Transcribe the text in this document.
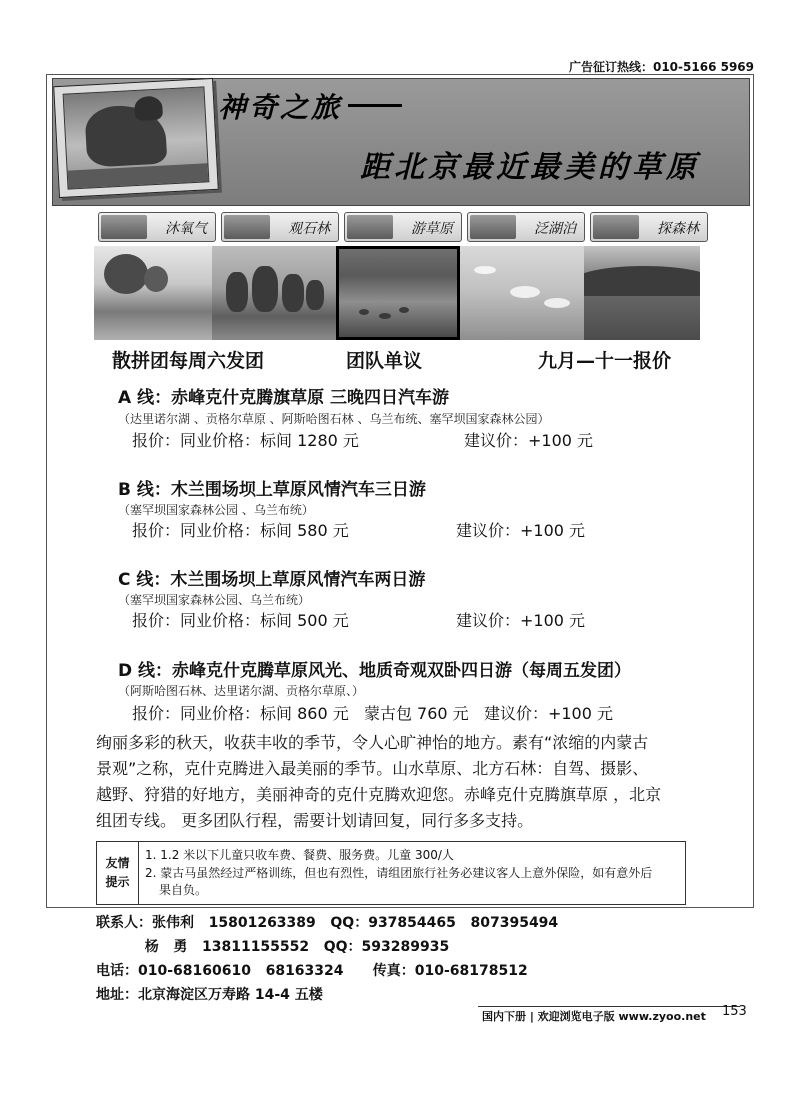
广告征订热线：010-5166 5969
神奇之旅
距北京最近最美的草原
沐氧气	观石林	游草原	泛湖泊	探森林
散拼团每周六发团	团队单议	九月—十一报价
A 线：赤峰克什克腾旗草原 三晚四日汽车游
（达里诺尔湖 、贡格尔草原 、阿斯哈图石林 、乌兰布统、塞罕坝国家森林公园）
报价：同业价格：标间 1280 元	建议价：+100 元
B 线：木兰围场坝上草原风情汽车三日游
（塞罕坝国家森林公园 、乌兰布统）
报价：同业价格：标间 580 元	建议价：+100 元
C 线：木兰围场坝上草原风情汽车两日游
（塞罕坝国家森林公园、乌兰布统）
报价：同业价格：标间 500 元	建议价：+100 元
D 线：赤峰克什克腾草原风光、地质奇观双卧四日游（每周五发团）
（阿斯哈图石林、达里诺尔湖、贡格尔草原、）
报价：同业价格：标间 860 元   蒙古包 760 元   建议价：+100 元
绚丽多彩的秋天，收获丰收的季节，令人心旷神怡的地方。素有“浓缩的内蒙古
景观”之称，克什克腾进入最美丽的季节。山水草原、北方石林：自驾、摄影、
越野、狩猎的好地方，美丽神奇的克什克腾欢迎您。赤峰克什克腾旗草原 ，北京
组团专线。 更多团队行程，需要计划请回复，同行多多支持。
友情
提示
1. 1.2 米以下儿童只收车费、餐费、服务费。儿童 300/人
2. 蒙古马虽然经过严格训练，但也有烈性，请组团旅行社务必建议客人上意外保险，如有意外后
果自负。
联系人：张伟利   15801263389   QQ：937854465   807395494
杨   勇   13811155552   QQ：593289935
电话：010-68160610   68163324      传真：010-68178512
地址：北京海淀区万寿路 14-4 五楼
国内下册 | 欢迎浏览电子版 www.zyoo.net 153
